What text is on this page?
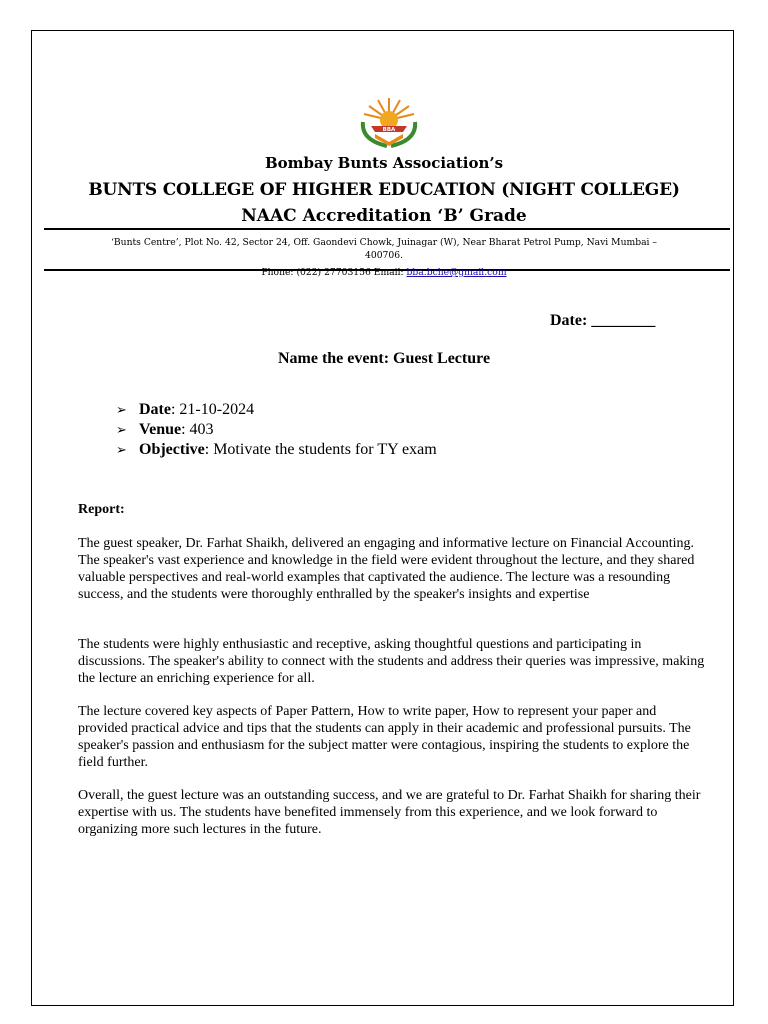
BBA
Bombay Bunts Association’s
BUNTS COLLEGE OF HIGHER EDUCATION (NIGHT COLLEGE)
NAAC Accreditation ‘B’ Grade
‘Bunts Centre’, Plot No. 42, Sector 24, Off. Gaondevi Chowk, Juinagar (W), Near Bharat Petrol Pump, Navi Mumbai –
400706.
Phone: (022) 27703156 Email: bba.bche@gmail.com
Date: ________
Name the event: Guest Lecture
➢ Date: 21-10-2024
➢ Venue: 403
➢ Objective: Motivate the students for TY exam
Report:

The guest speaker, Dr. Farhat Shaikh, delivered an engaging and informative lecture on Financial Accounting. The speaker's vast experience and knowledge in the field were evident throughout the lecture, and they shared valuable perspectives and real-world examples that captivated the audience. The lecture was a resounding success, and the students were thoroughly enthralled by the speaker's insights and expertise

The students were highly enthusiastic and receptive, asking thoughtful questions and participating in discussions. The speaker's ability to connect with the students and address their queries was impressive, making the lecture an enriching experience for all.

The lecture covered key aspects of Paper Pattern, How to write paper, How to represent your paper and provided practical advice and tips that the students can apply in their academic and professional pursuits. The speaker's passion and enthusiasm for the subject matter were contagious, inspiring the students to explore the field further.

Overall, the guest lecture was an outstanding success, and we are grateful to Dr. Farhat Shaikh for sharing their expertise with us. The students have benefited immensely from this experience, and we look forward to organizing more such lectures in the future.
